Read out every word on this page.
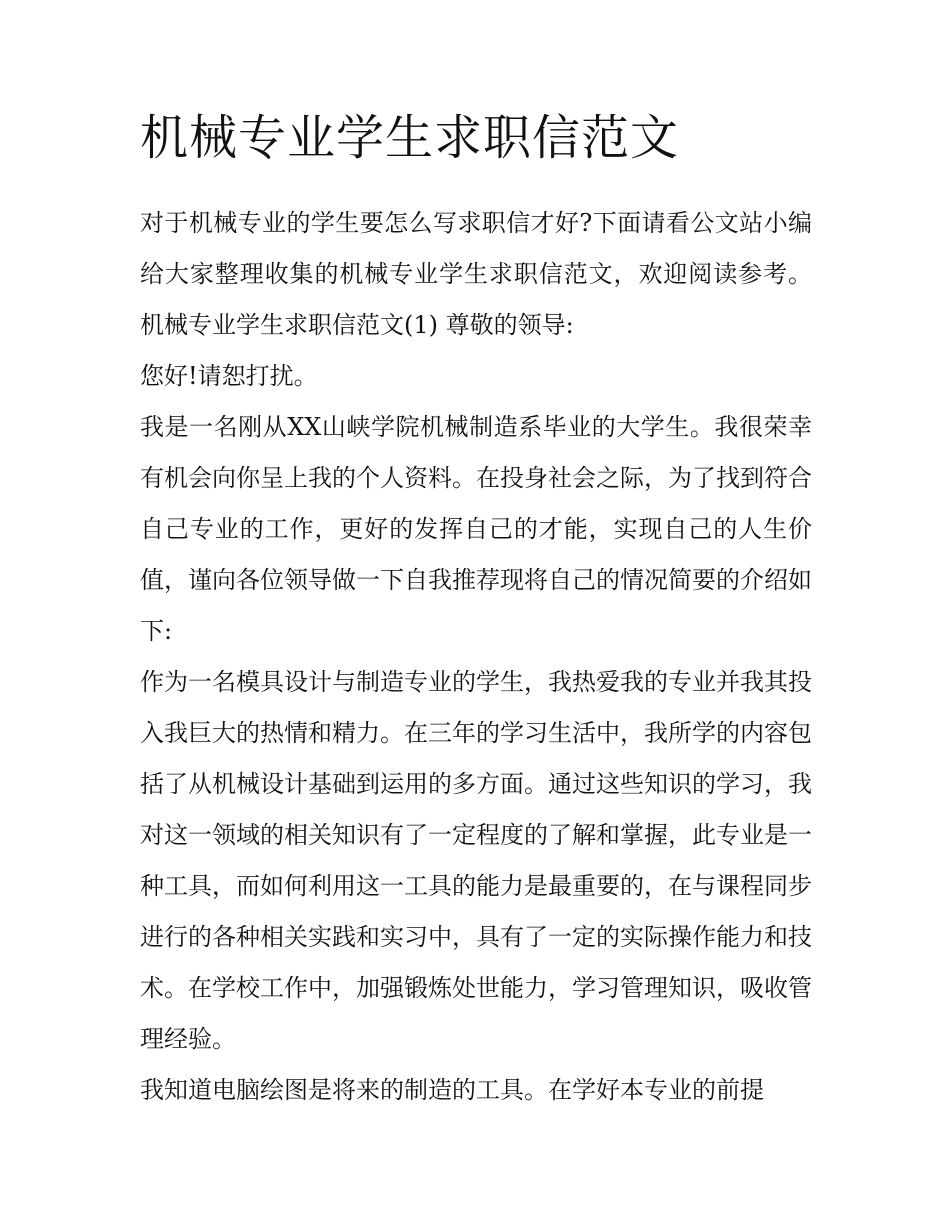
机械专业学生求职信范文

对于机械专业的学生要怎么写求职信才好?下面请看公文站小编给大家整理收集的机械专业学生求职信范文，欢迎阅读参考。 机械专业学生求职信范文(1) 尊敬的领导:

您好!请恕打扰。

我是一名刚从XX山峡学院机械制造系毕业的大学生。我很荣幸有机会向你呈上我的个人资料。在投身社会之际，为了找到符合自己专业的工作，更好的发挥自己的才能，实现自己的人生价值，谨向各位领导做一下自我推荐现将自己的情况简要的介绍如下:

作为一名模具设计与制造专业的学生，我热爱我的专业并我其投入我巨大的热情和精力。在三年的学习生活中，我所学的内容包括了从机械设计基础到运用的多方面。通过这些知识的学习，我对这一领域的相关知识有了一定程度的了解和掌握，此专业是一种工具，而如何利用这一工具的能力是最重要的，在与课程同步进行的各种相关实践和实习中，具有了一定的实际操作能力和技术。在学校工作中，加强锻炼处世能力，学习管理知识，吸收管理经验。

我知道电脑绘图是将来的制造的工具。在学好本专业的前提
